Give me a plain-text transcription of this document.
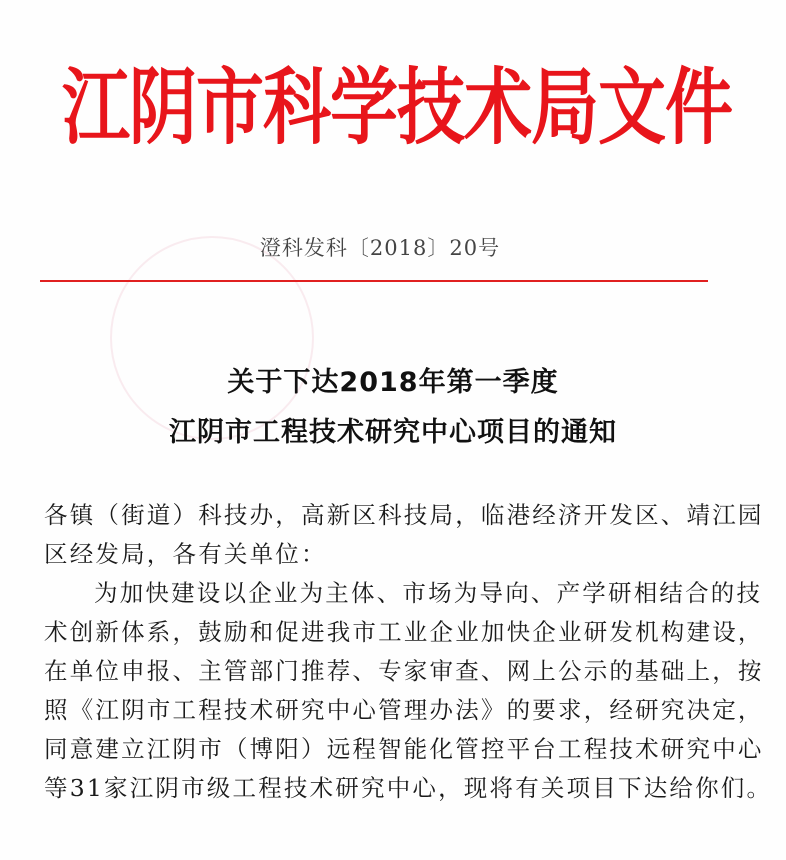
江阴市科学技术局文件
澄科发科〔2018〕20号
关于下达2018年第一季度
江阴市工程技术研究中心项目的通知

各镇（街道）科技办，高新区科技局，临港经济开发区、靖江园

区经发局，各有关单位：

为加快建设以企业为主体、市场为导向、产学研相结合的技

术创新体系，鼓励和促进我市工业企业加快企业研发机构建设，

在单位申报、主管部门推荐、专家审查、网上公示的基础上，按

照《江阴市工程技术研究中心管理办法》的要求，经研究决定，

同意建立江阴市（博阳）远程智能化管控平台工程技术研究中心

等31家江阴市级工程技术研究中心，现将有关项目下达给你们。
